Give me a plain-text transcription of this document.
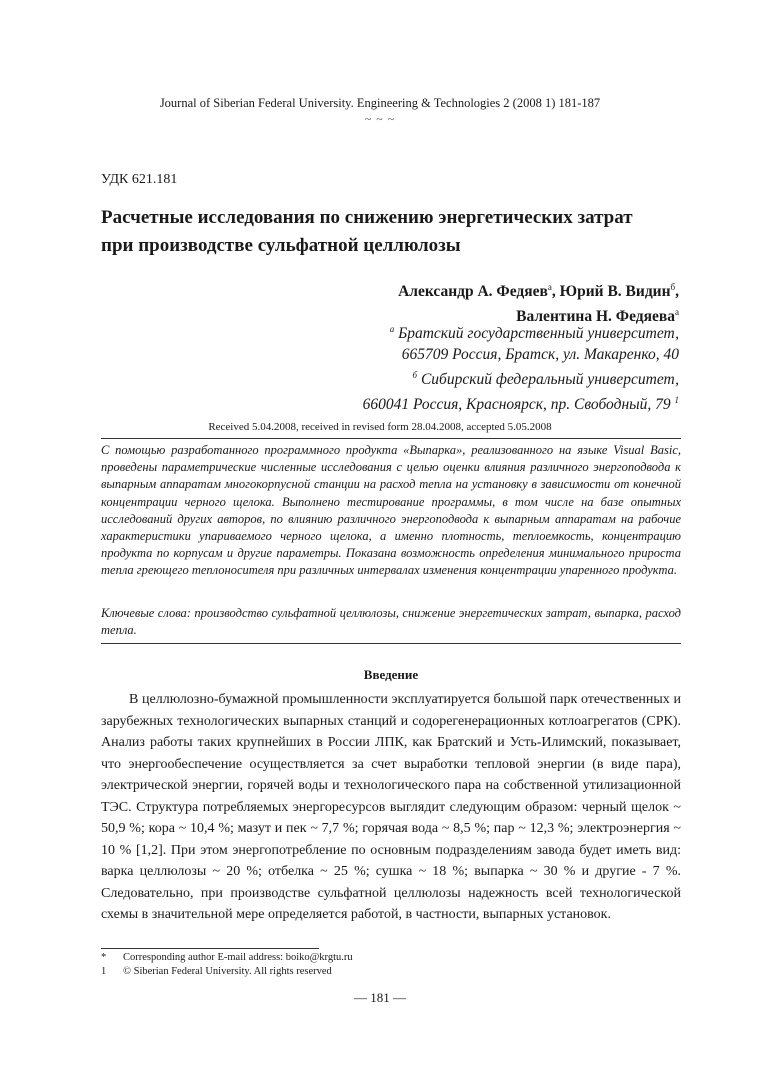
Journal of Siberian Federal University. Engineering & Technologies 2 (2008 1) 181-187
~ ~ ~
УДК 621.181
Расчетные исследования по снижению энергетических затрат
при производстве сульфатной целлюлозы
Александр А. Федяев$^а$, Юрий В. Видин$^б$,
Валентина Н. Федяева$^а$
$^а$ Братский государственный университет,
665709 Россия, Братск, ул. Макаренко, 40
$^б$ Сибирский федеральный университет,
660041 Россия, Красноярск, пр. Свободный, 79 $^1$
Received 5.04.2008, received in revised form 28.04.2008, accepted 5.05.2008

С помощью разработанного программного продукта «Выпарка», реализованного на языке Visual Basic, проведены параметрические численные исследования с целью оценки влияния различного энергоподвода к выпарным аппаратам многокорпусной станции на расход тепла на установку в зависимости от конечной концентрации черного щелока. Выполнено тестирование программы, в том числе на базе опытных исследований других авторов, по влиянию различного энергоподвода к выпарным аппаратам на рабочие характеристики упариваемого черного щелока, а именно плотность, теплоемкость, концентрацию продукта по корпусам и другие параметры. Показана возможность определения минимального прироста тепла греющего теплоносителя при различных интервалах изменения концентрации упаренного продукта.

Ключевые слова: производство сульфатной целлюлозы, снижение энергетических затрат, выпарка, расход тепла.

Введение

В целлюлозно-бумажной промышленности эксплуатируется большой парк отечественных и зарубежных технологических выпарных станций и содорегенерационных котлоагрегатов (СРК). Анализ работы таких крупнейших в России ЛПК, как Братский и Усть-Илимский, показывает, что энергообеспечение осуществляется за счет выработки тепловой энергии (в виде пара), электрической энергии, горячей воды и технологического пара на собственной утилизационной ТЭС. Структура потребляемых энергоресурсов выглядит следующим образом: черный щелок ~ 50,9 %; кора ~ 10,4 %; мазут и пек ~ 7,7 %; горячая вода ~ 8,5 %; пар ~ 12,3 %; электроэнергия ~ 10 % [1,2]. При этом энергопотребление по основным подразделениям завода будет иметь вид: варка целлюлозы ~ 20 %; отбелка ~ 25 %; сушка ~ 18 %; выпарка ~ 30 % и другие - 7 %. Следовательно, при производстве сульфатной целлюлозы надежность всей технологической схемы в значительной мере определяется работой, в частности, выпарных установок.

* Corresponding author E-mail address: boiko@krgtu.ru
1 © Siberian Federal University. All rights reserved
— 181 —
